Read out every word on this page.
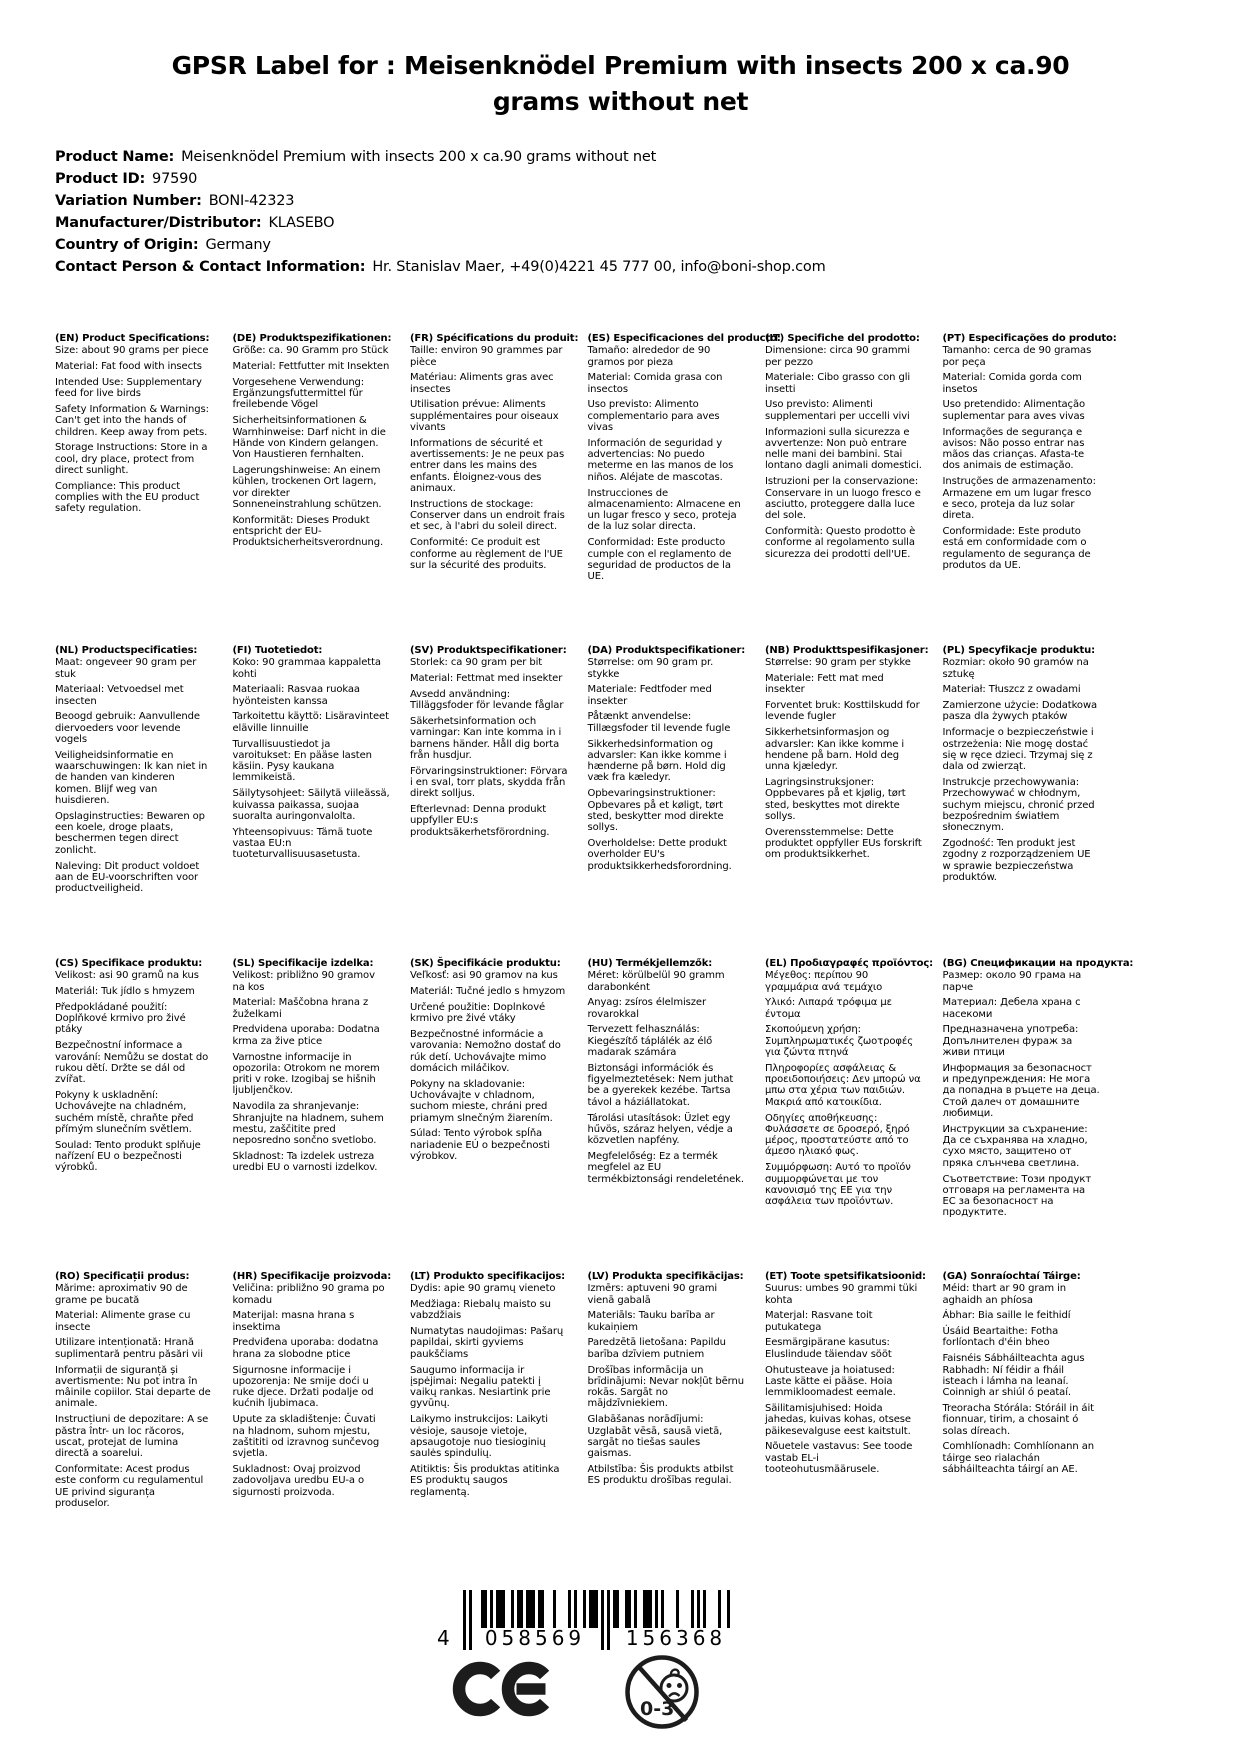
GPSR Label for : Meisenknödel Premium with insects 200 x ca.90
grams without net
Product Name: Meisenknödel Premium with insects 200 x ca.90 grams without net
Product ID: 97590
Variation Number: BONI-42323
Manufacturer/Distributor: KLASEBO
Country of Origin: Germany
Contact Person & Contact Information: Hr. Stanislav Maer, +49(0)4221 45 777 00, info@boni-shop.com
(EN) Product Specifications:

Size: about 90 grams per piece

Material: Fat food with insects

Intended Use: Supplementary feed for live birds

Safety Information & Warnings: Can't get into the hands of children. Keep away from pets.

Storage Instructions: Store in a cool, dry place, protect from direct sunlight.

Compliance: This product complies with the EU product safety regulation.

(DE) Produktspezifikationen:

Größe: ca. 90 Gramm pro Stück

Material: Fettfutter mit Insekten

Vorgesehene Verwendung: Ergänzungsfuttermittel für freilebende Vögel

Sicherheitsinformationen & Warnhinweise: Darf nicht in die Hände von Kindern gelangen. Von Haustieren fernhalten.

Lagerungshinweise: An einem kühlen, trockenen Ort lagern, vor direkter Sonneneinstrahlung schützen.

Konformität: Dieses Produkt entspricht der EU-Produktsicherheitsverordnung.

(FR) Spécifications du produit:

Taille: environ 90 grammes par pièce

Matériau: Aliments gras avec insectes

Utilisation prévue: Aliments supplémentaires pour oiseaux vivants

Informations de sécurité et avertissements: Je ne peux pas entrer dans les mains des enfants. Éloignez-vous des animaux.

Instructions de stockage: Conserver dans un endroit frais et sec, à l'abri du soleil direct.

Conformité: Ce produit est conforme au règlement de l'UE sur la sécurité des produits.

(ES) Especificaciones del producto:

Tamaño: alrededor de 90 gramos por pieza

Material: Comida grasa con insectos

Uso previsto: Alimento complementario para aves vivas

Información de seguridad y advertencias: No puedo meterme en las manos de los niños. Aléjate de mascotas.

Instrucciones de almacenamiento: Almacene en un lugar fresco y seco, proteja de la luz solar directa.

Conformidad: Este producto cumple con el reglamento de seguridad de productos de la UE.

(IT) Specifiche del prodotto:

Dimensione: circa 90 grammi per pezzo

Materiale: Cibo grasso con gli insetti

Uso previsto: Alimenti supplementari per uccelli vivi

Informazioni sulla sicurezza e avvertenze: Non può entrare nelle mani dei bambini. Stai lontano dagli animali domestici.

Istruzioni per la conservazione: Conservare in un luogo fresco e asciutto, proteggere dalla luce del sole.

Conformità: Questo prodotto è conforme al regolamento sulla sicurezza dei prodotti dell'UE.

(PT) Especificações do produto:

Tamanho: cerca de 90 gramas por peça

Material: Comida gorda com insetos

Uso pretendido: Alimentação suplementar para aves vivas

Informações de segurança e avisos: Não posso entrar nas mãos das crianças. Afasta-te dos animais de estimação.

Instruções de armazenamento: Armazene em um lugar fresco e seco, proteja da luz solar direta.

Conformidade: Este produto está em conformidade com o regulamento de segurança de produtos da UE.

(NL) Productspecificaties:

Maat: ongeveer 90 gram per stuk

Materiaal: Vetvoedsel met insecten

Beoogd gebruik: Aanvullende diervoeders voor levende vogels

Veiligheidsinformatie en waarschuwingen: Ik kan niet in de handen van kinderen komen. Blijf weg van huisdieren.

Opslaginstructies: Bewaren op een koele, droge plaats, beschermen tegen direct zonlicht.

Naleving: Dit product voldoet aan de EU-voorschriften voor productveiligheid.

(FI) Tuotetiedot:

Koko: 90 grammaa kappaletta kohti

Materiaali: Rasvaa ruokaa hyönteisten kanssa

Tarkoitettu käyttö: Lisäravinteet eläville linnuille

Turvallisuustiedot ja varoitukset: En pääse lasten käsiin. Pysy kaukana lemmikeistä.

Säilytysohjeet: Säilytä viileässä, kuivassa paikassa, suojaa suoralta auringonvalolta.

Yhteensopivuus: Tämä tuote vastaa EU:n tuoteturvallisuusasetusta.

(SV) Produktspecifikationer:

Storlek: ca 90 gram per bit

Material: Fettmat med insekter

Avsedd användning: Tilläggsfoder för levande fåglar

Säkerhetsinformation och varningar: Kan inte komma in i barnens händer. Håll dig borta från husdjur.

Förvaringsinstruktioner: Förvara i en sval, torr plats, skydda från direkt solljus.

Efterlevnad: Denna produkt uppfyller EU:s produktsäkerhetsförordning.

(DA) Produktspecifikationer:

Størrelse: om 90 gram pr. stykke

Materiale: Fedtfoder med insekter

Påtænkt anvendelse: Tillægsfoder til levende fugle

Sikkerhedsinformation og advarsler: Kan ikke komme i hænderne på børn. Hold dig væk fra kæledyr.

Opbevaringsinstruktioner: Opbevares på et køligt, tørt sted, beskytter mod direkte sollys.

Overholdelse: Dette produkt overholder EU's produktsikkerhedsforordning.

(NB) Produkttspesifikasjoner:

Størrelse: 90 gram per stykke

Materiale: Fett mat med insekter

Forventet bruk: Kosttilskudd for levende fugler

Sikkerhetsinformasjon og advarsler: Kan ikke komme i hendene på barn. Hold deg unna kjæledyr.

Lagringsinstruksjoner: Oppbevares på et kjølig, tørt sted, beskyttes mot direkte sollys.

Overensstemmelse: Dette produktet oppfyller EUs forskrift om produktsikkerhet.

(PL) Specyfikacje produktu:

Rozmiar: około 90 gramów na sztukę

Materiał: Tłuszcz z owadami

Zamierzone użycie: Dodatkowa pasza dla żywych ptaków

Informacje o bezpieczeństwie i ostrzeżenia: Nie mogę dostać się w ręce dzieci. Trzymaj się z dala od zwierząt.

Instrukcje przechowywania: Przechowywać w chłodnym, suchym miejscu, chronić przed bezpośrednim światłem słonecznym.

Zgodność: Ten produkt jest zgodny z rozporządzeniem UE w sprawie bezpieczeństwa produktów.

(CS) Specifikace produktu:

Velikost: asi 90 gramů na kus

Materiál: Tuk jídlo s hmyzem

Předpokládané použití: Doplňkové krmivo pro živé ptáky

Bezpečnostní informace a varování: Nemůžu se dostat do rukou dětí. Držte se dál od zvířat.

Pokyny k uskladnění: Uchovávejte na chladném, suchém místě, chraňte před přímým slunečním světlem.

Soulad: Tento produkt splňuje nařízení EU o bezpečnosti výrobků.

(SL) Specifikacije izdelka:

Velikost: približno 90 gramov na kos

Material: Maščobna hrana z žuželkami

Predvidena uporaba: Dodatna krma za žive ptice

Varnostne informacije in opozorila: Otrokom ne morem priti v roke. Izogibaj se hišnih ljubljenčkov.

Navodila za shranjevanje: Shranjujte na hladnem, suhem mestu, zaščitite pred neposredno sončno svetlobo.

Skladnost: Ta izdelek ustreza uredbi EU o varnosti izdelkov.

(SK) Špecifikácie produktu:

Veľkosť: asi 90 gramov na kus

Materiál: Tučné jedlo s hmyzom

Určené použitie: Doplnkové krmivo pre živé vtáky

Bezpečnostné informácie a varovania: Nemožno dostať do rúk detí. Uchovávajte mimo domácich miláčikov.

Pokyny na skladovanie: Uchovávajte v chladnom, suchom mieste, chráni pred priamym slnečným žiarením.

Súlad: Tento výrobok spĺňa nariadenie EÚ o bezpečnosti výrobkov.

(HU) Termékjellemzők:

Méret: körülbelül 90 gramm darabonként

Anyag: zsíros élelmiszer rovarokkal

Tervezett felhasználás: Kiegészítő táplálék az élő madarak számára

Biztonsági információk és figyelmeztetések: Nem juthat be a gyerekek kezébe. Tartsa távol a háziállatokat.

Tárolási utasítások: Üzlet egy hűvös, száraz helyen, védje a közvetlen napfény.

Megfelelőség: Ez a termék megfelel az EU termékbiztonsági rendeletének.

(EL) Προδιαγραφές προϊόντος:

Μέγεθος: περίπου 90 γραμμάρια ανά τεμάχιο

Υλικό: Λιπαρά τρόφιμα με έντομα

Σκοπούμενη χρήση: Συμπληρωματικές ζωοτροφές για ζώντα πτηνά

Πληροφορίες ασφάλειας & προειδοποιήσεις: Δεν μπορώ να μπω στα χέρια των παιδιών. Μακριά από κατοικίδια.

Οδηγίες αποθήκευσης: Φυλάσσετε σε δροσερό, ξηρό μέρος, προστατεύστε από το άμεσο ηλιακό φως.

Συμμόρφωση: Αυτό το προϊόν συμμορφώνεται με τον κανονισμό της ΕΕ για την ασφάλεια των προϊόντων.

(BG) Спецификации на продукта:

Размер: около 90 грама на парче

Материал: Дебела храна с насекоми

Предназначена употреба: Допълнителен фураж за живи птици

Информация за безопасност и предупреждения: Не мога да попадна в ръцете на деца. Стой далеч от домашните любимци.

Инструкции за съхранение: Да се съхранява на хладно, сухо място, защитено от пряка слънчева светлина.

Съответствие: Този продукт отговаря на регламента на ЕС за безопасност на продуктите.

(RO) Specificații produs:

Mărime: aproximativ 90 de grame pe bucată

Material: Alimente grase cu insecte

Utilizare intenționată: Hrană suplimentară pentru păsări vii

Informații de siguranță și avertismente: Nu pot intra în mâinile copiilor. Stai departe de animale.

Instrucțiuni de depozitare: A se păstra într- un loc răcoros, uscat, protejat de lumina directă a soarelui.

Conformitate: Acest produs este conform cu regulamentul UE privind siguranța produselor.

(HR) Specifikacije proizvoda:

Veličina: približno 90 grama po komadu

Materijal: masna hrana s insektima

Predviđena uporaba: dodatna hrana za slobodne ptice

Sigurnosne informacije i upozorenja: Ne smije doći u ruke djece. Držati podalje od kućnih ljubimaca.

Upute za skladištenje: Čuvati na hladnom, suhom mjestu, zaštititi od izravnog sunčevog svjetla.

Sukladnost: Ovaj proizvod zadovoljava uredbu EU-a o sigurnosti proizvoda.

(LT) Produkto specifikacijos:

Dydis: apie 90 gramų vieneto

Medžiaga: Riebalų maisto su vabzdžiais

Numatytas naudojimas: Pašarų papildai, skirti gyviems paukščiams

Saugumo informacija ir įspėjimai: Negaliu patekti į vaikų rankas. Nesiartink prie gyvūnų.

Laikymo instrukcijos: Laikyti vėsioje, sausoje vietoje, apsaugotoje nuo tiesioginių saulės spindulių.

Atitiktis: Šis produktas atitinka ES produktų saugos reglamentą.

(LV) Produkta specifikācijas:

Izmērs: aptuveni 90 grami vienā gabalā

Materiāls: Tauku barība ar kukaiņiem

Paredzētā lietošana: Papildu barība dzīviem putniem

Drošības informācija un brīdinājumi: Nevar nokļūt bērnu rokās. Sargāt no mājdzīvniekiem.

Glabāšanas norādījumi: Uzglabāt vēsā, sausā vietā, sargāt no tiešas saules gaismas.

Atbilstība: Šis produkts atbilst ES produktu drošības regulai.

(ET) Toote spetsifikatsioonid:

Suurus: umbes 90 grammi tüki kohta

Materjal: Rasvane toit putukatega

Eesmärgipärane kasutus: Eluslindude täiendav sööt

Ohutusteave ja hoiatused: Laste kätte ei pääse. Hoia lemmikloomadest eemale.

Säilitamisjuhised: Hoida jahedas, kuivas kohas, otsese päikesevalguse eest kaitstult.

Nõuetele vastavus: See toode vastab EL-i tooteohutusmäärusele.

(GA) Sonraíochtaí Táirge:

Méid: thart ar 90 gram in aghaidh an phíosa

Ábhar: Bia saille le feithidí

Úsáid Beartaithe: Fotha forlíontach d'éin bheo

Faisnéis Sábháilteachta agus Rabhadh: Ní féidir a fháil isteach i lámha na leanaí. Coinnigh ar shiúl ó peataí.

Treoracha Stórála: Stóráil in áit fionnuar, tirim, a chosaint ó solas díreach.

Comhlíonadh: Comhlíonann an táirge seo rialachán sábháilteachta táirgí an AE.

4	058569	156368
0-3
